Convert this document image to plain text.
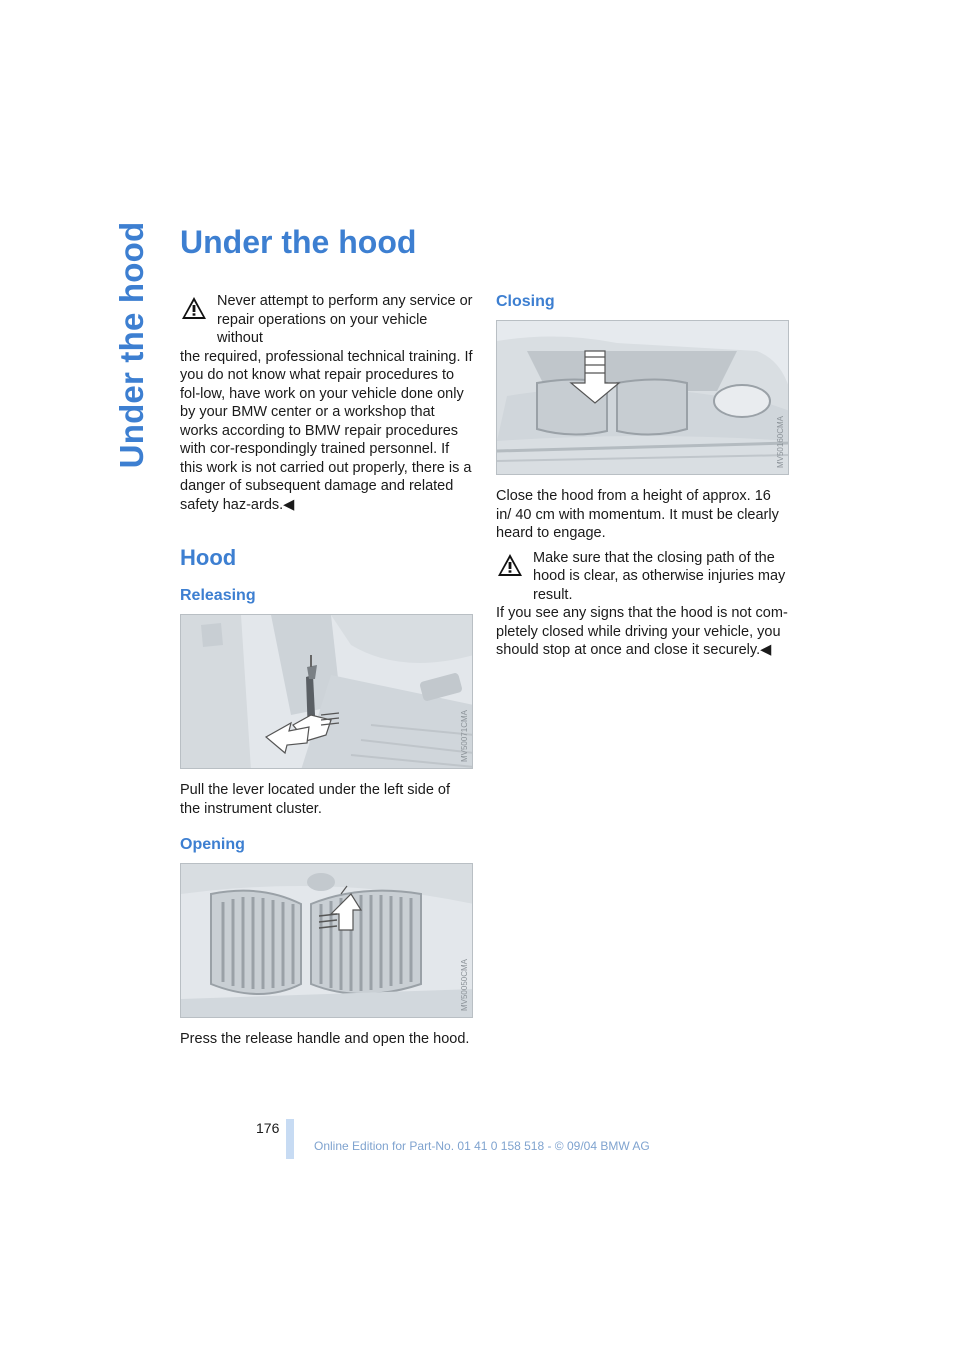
Under the hood Under the hood

Never attempt to perform any service or repair operations on your vehicle without

the required, professional technical training. If you do not know what repair procedures to fol-low, have work on your vehicle done only by your BMW center or a workshop that works according to BMW repair procedures with cor-respondingly trained personnel. If this work is not carried out properly, there is a danger of subsequent damage and related safety haz-ards.◀

Hood
Releasing
MV50071CMA

Pull the lever located under the left side of the instrument cluster.

Opening
MV50050CMA

Press the release handle and open the hood.

Closing
MV50160CMA

Close the hood from a height of approx. 16 in/ 40 cm with momentum. It must be clearly heard to engage.

Make sure that the closing path of the

hood is clear, as otherwise injuries may result.

If you see any signs that the hood is not com-pletely closed while driving your vehicle, you should stop at once and close it securely.◀

176
Online Edition for Part-No. 01 41 0 158 518 - © 09/04 BMW AG
